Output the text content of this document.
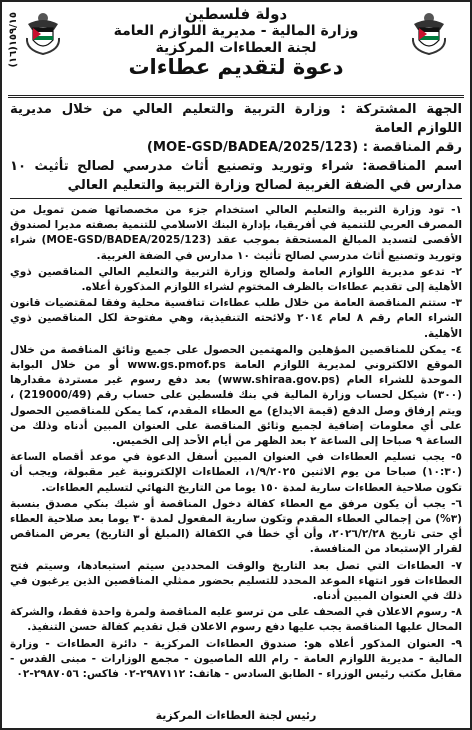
(١٦)١٥٩/١٥	دولة فلسطين
وزارة المالية - مديرية اللوازم العامة
لجنة العطاءات المركزية
دعوة لتقديم عطاءات
الجهة المشتركة : وزارة التربية والتعليم العالي من خلال مديرية اللوازم العامة
رقم المناقصة : (MOE-GSD/BADEA/2025/123)
اسم المناقصة: شراء وتوريد وتصنيع أثاث مدرسي لصالح تأثيث ١٠ مدارس في الضفة الغربية لصالح وزارة التربية والتعليم العالي

١- تود وزارة التربية والتعليم العالي استخدام جزء من مخصصاتها ضمن تمويل من المصرف العربي للتنمية في أفريقيا، بإدارة البنك الاسلامي للتنمية بصفته مديرا لصندوق الأقصى لتسديد المبالغ المستحقة بموجب عقد (MOE-GSD/BADEA/2025/123) شراء وتوريد وتصنيع أثاث مدرسي لصالح تأثيث ١٠ مدارس في الضفة الغربية.

٢- تدعو مديرية اللوازم العامة ولصالح وزارة التربية والتعليم العالي المناقصين ذوي الأهلية إلى تقديم عطاءات بالظرف المختوم لشراء اللوازم المذكورة أعلاه.

٣- ستتم المناقصة العامة من خلال طلب عطاءات تنافسية محلية وفقا لمقتضيات قانون الشراء العام رقم ٨ لعام ٢٠١٤ ولائحته التنفيذية، وهي مفتوحة لكل المناقصين ذوي الأهلية.

٤- يمكن للمناقصين المؤهلين والمهتمين الحصول على جميع وثائق المناقصة من خلال الموقع الالكتروني لمديرية اللوازم العامة www.gs.pmof.ps أو من خلال البوابة الموحدة للشراء العام (www.shiraa.gov.ps) بعد دفع رسوم غير مستردة مقدارها (٣٠٠) شيكل لحساب وزارة المالية في بنك فلسطين على حساب رقم (219000/49) ، ويتم إرفاق وصل الدفع (قيمة الايداع) مع العطاء المقدم، كما يمكن للمناقصين الحصول على أي معلومات إضافية لجميع وثائق المناقصة على العنوان المبين أدناه وذلك من الساعة ٩ صباحا إلى الساعة ٢ بعد الظهر من أيام الأحد إلى الخميس.

٥- يجب تسليم العطاءات في العنوان المبين أسفل الدعوة في موعد أقصاه الساعة (١٠:٣٠) صباحا من يوم الاثنين ١/٩/٢٠٢٥، العطاءات الإلكترونية غير مقبولة، ويجب أن تكون صلاحية العطاءات سارية لمدة ١٥٠ يوما من التاريخ النهائي لتسليم العطاءات.

٦- يجب أن يكون مرفق مع العطاء كفالة دخول المناقصة أو شيك بنكي مصدق بنسبة (٣%) من إجمالي العطاء المقدم وتكون سارية المفعول لمدة ٣٠ يوما بعد صلاحية العطاء أي حتى تاريخ ٢٠٢٦/٢/٢٨، وأن أي خطأ في الكفالة (المبلغ أو التاريخ) يعرض المناقص لقرار الإستبعاد من المنافسة.

٧- العطاءات التي تصل بعد التاريخ والوقت المحددين سيتم استبعادها، وسيتم فتح العطاءات فور انتهاء الموعد المحدد للتسليم بحضور ممثلي المناقصين الذين يرغبون في ذلك في العنوان المبين أدناه.

٨- رسوم الاعلان في الصحف على من ترسو عليه المناقصة ولمرة واحدة فقط، والشركة المحال عليها المناقصة يجب عليها دفع رسوم الاعلان قبل تقديم كفالة حسن التنفيذ.

٩- العنوان المذكور أعلاه هو: صندوق العطاءات المركزية - دائرة العطاءات - وزارة المالية - مديرية اللوازم العامة - رام الله الماصيون - مجمع الوزارات - مبنى القدس - مقابل مكتب رئيس الوزراء - الطابق السادس - هاتف: ٢٩٨٧١١٢-٠٢ فاكس: ٢٩٨٧٠٥٦-٠٢

رئيس لجنة العطاءات المركزية
